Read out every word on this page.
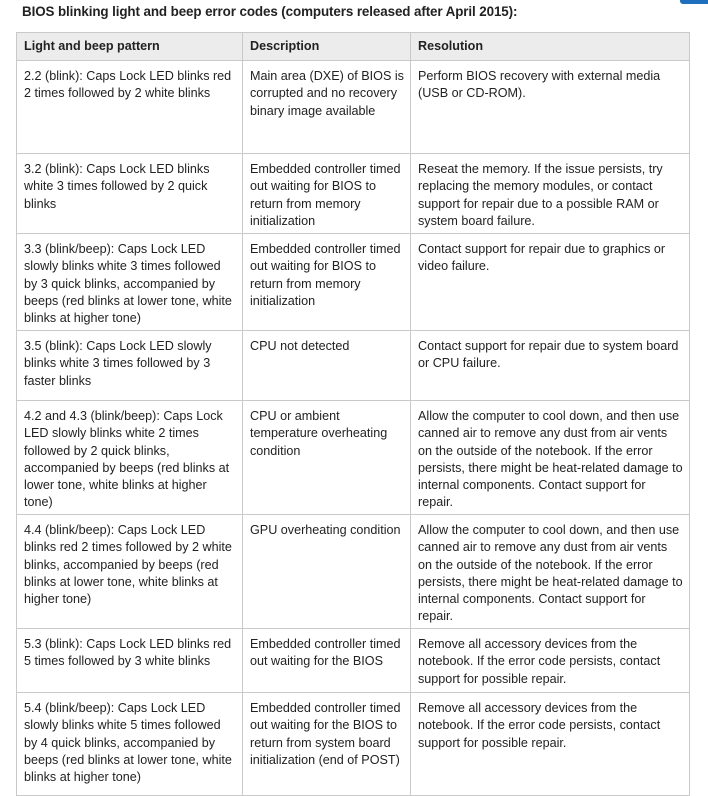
BIOS blinking light and beep error codes (computers released after April 2015):
Light and beep pattern	Description	Resolution
2.2 (blink): Caps Lock LED blinks red 2 times followed by 2 white blinks	Main area (DXE) of BIOS is corrupted and no recovery binary image available	Perform BIOS recovery with external media (USB or CD-ROM).
3.2 (blink): Caps Lock LED blinks white 3 times followed by 2 quick blinks	Embedded controller timed out waiting for BIOS to return from memory initialization	Reseat the memory. If the issue persists, try replacing the memory modules, or contact support for repair due to a possible RAM or system board failure.
3.3 (blink/beep): Caps Lock LED slowly blinks white 3 times followed by 3 quick blinks, accompanied by beeps (red blinks at lower tone, white blinks at higher tone)	Embedded controller timed out waiting for BIOS to return from memory initialization	Contact support for repair due to graphics or video failure.
3.5 (blink): Caps Lock LED slowly blinks white 3 times followed by 3 faster blinks	CPU not detected	Contact support for repair due to system board or CPU failure.
4.2 and 4.3 (blink/beep): Caps Lock LED slowly blinks white 2 times followed by 2 quick blinks, accompanied by beeps (red blinks at lower tone, white blinks at higher tone)	CPU or ambient temperature overheating condition	Allow the computer to cool down, and then use canned air to remove any dust from air vents on the outside of the notebook. If the error persists, there might be heat-related damage to internal components. Contact support for repair.
4.4 (blink/beep): Caps Lock LED blinks red 2 times followed by 2 white blinks, accompanied by beeps (red blinks at lower tone, white blinks at higher tone)	GPU overheating condition	Allow the computer to cool down, and then use canned air to remove any dust from air vents on the outside of the notebook. If the error persists, there might be heat-related damage to internal components. Contact support for repair.
5.3 (blink): Caps Lock LED blinks red 5 times followed by 3 white blinks	Embedded controller timed out waiting for the BIOS	Remove all accessory devices from the notebook. If the error code persists, contact support for possible repair.
5.4 (blink/beep): Caps Lock LED slowly blinks white 5 times followed by 4 quick blinks, accompanied by beeps (red blinks at lower tone, white blinks at higher tone)	Embedded controller timed out waiting for the BIOS to return from system board initialization (end of POST)	Remove all accessory devices from the notebook. If the error code persists, contact support for possible repair.
